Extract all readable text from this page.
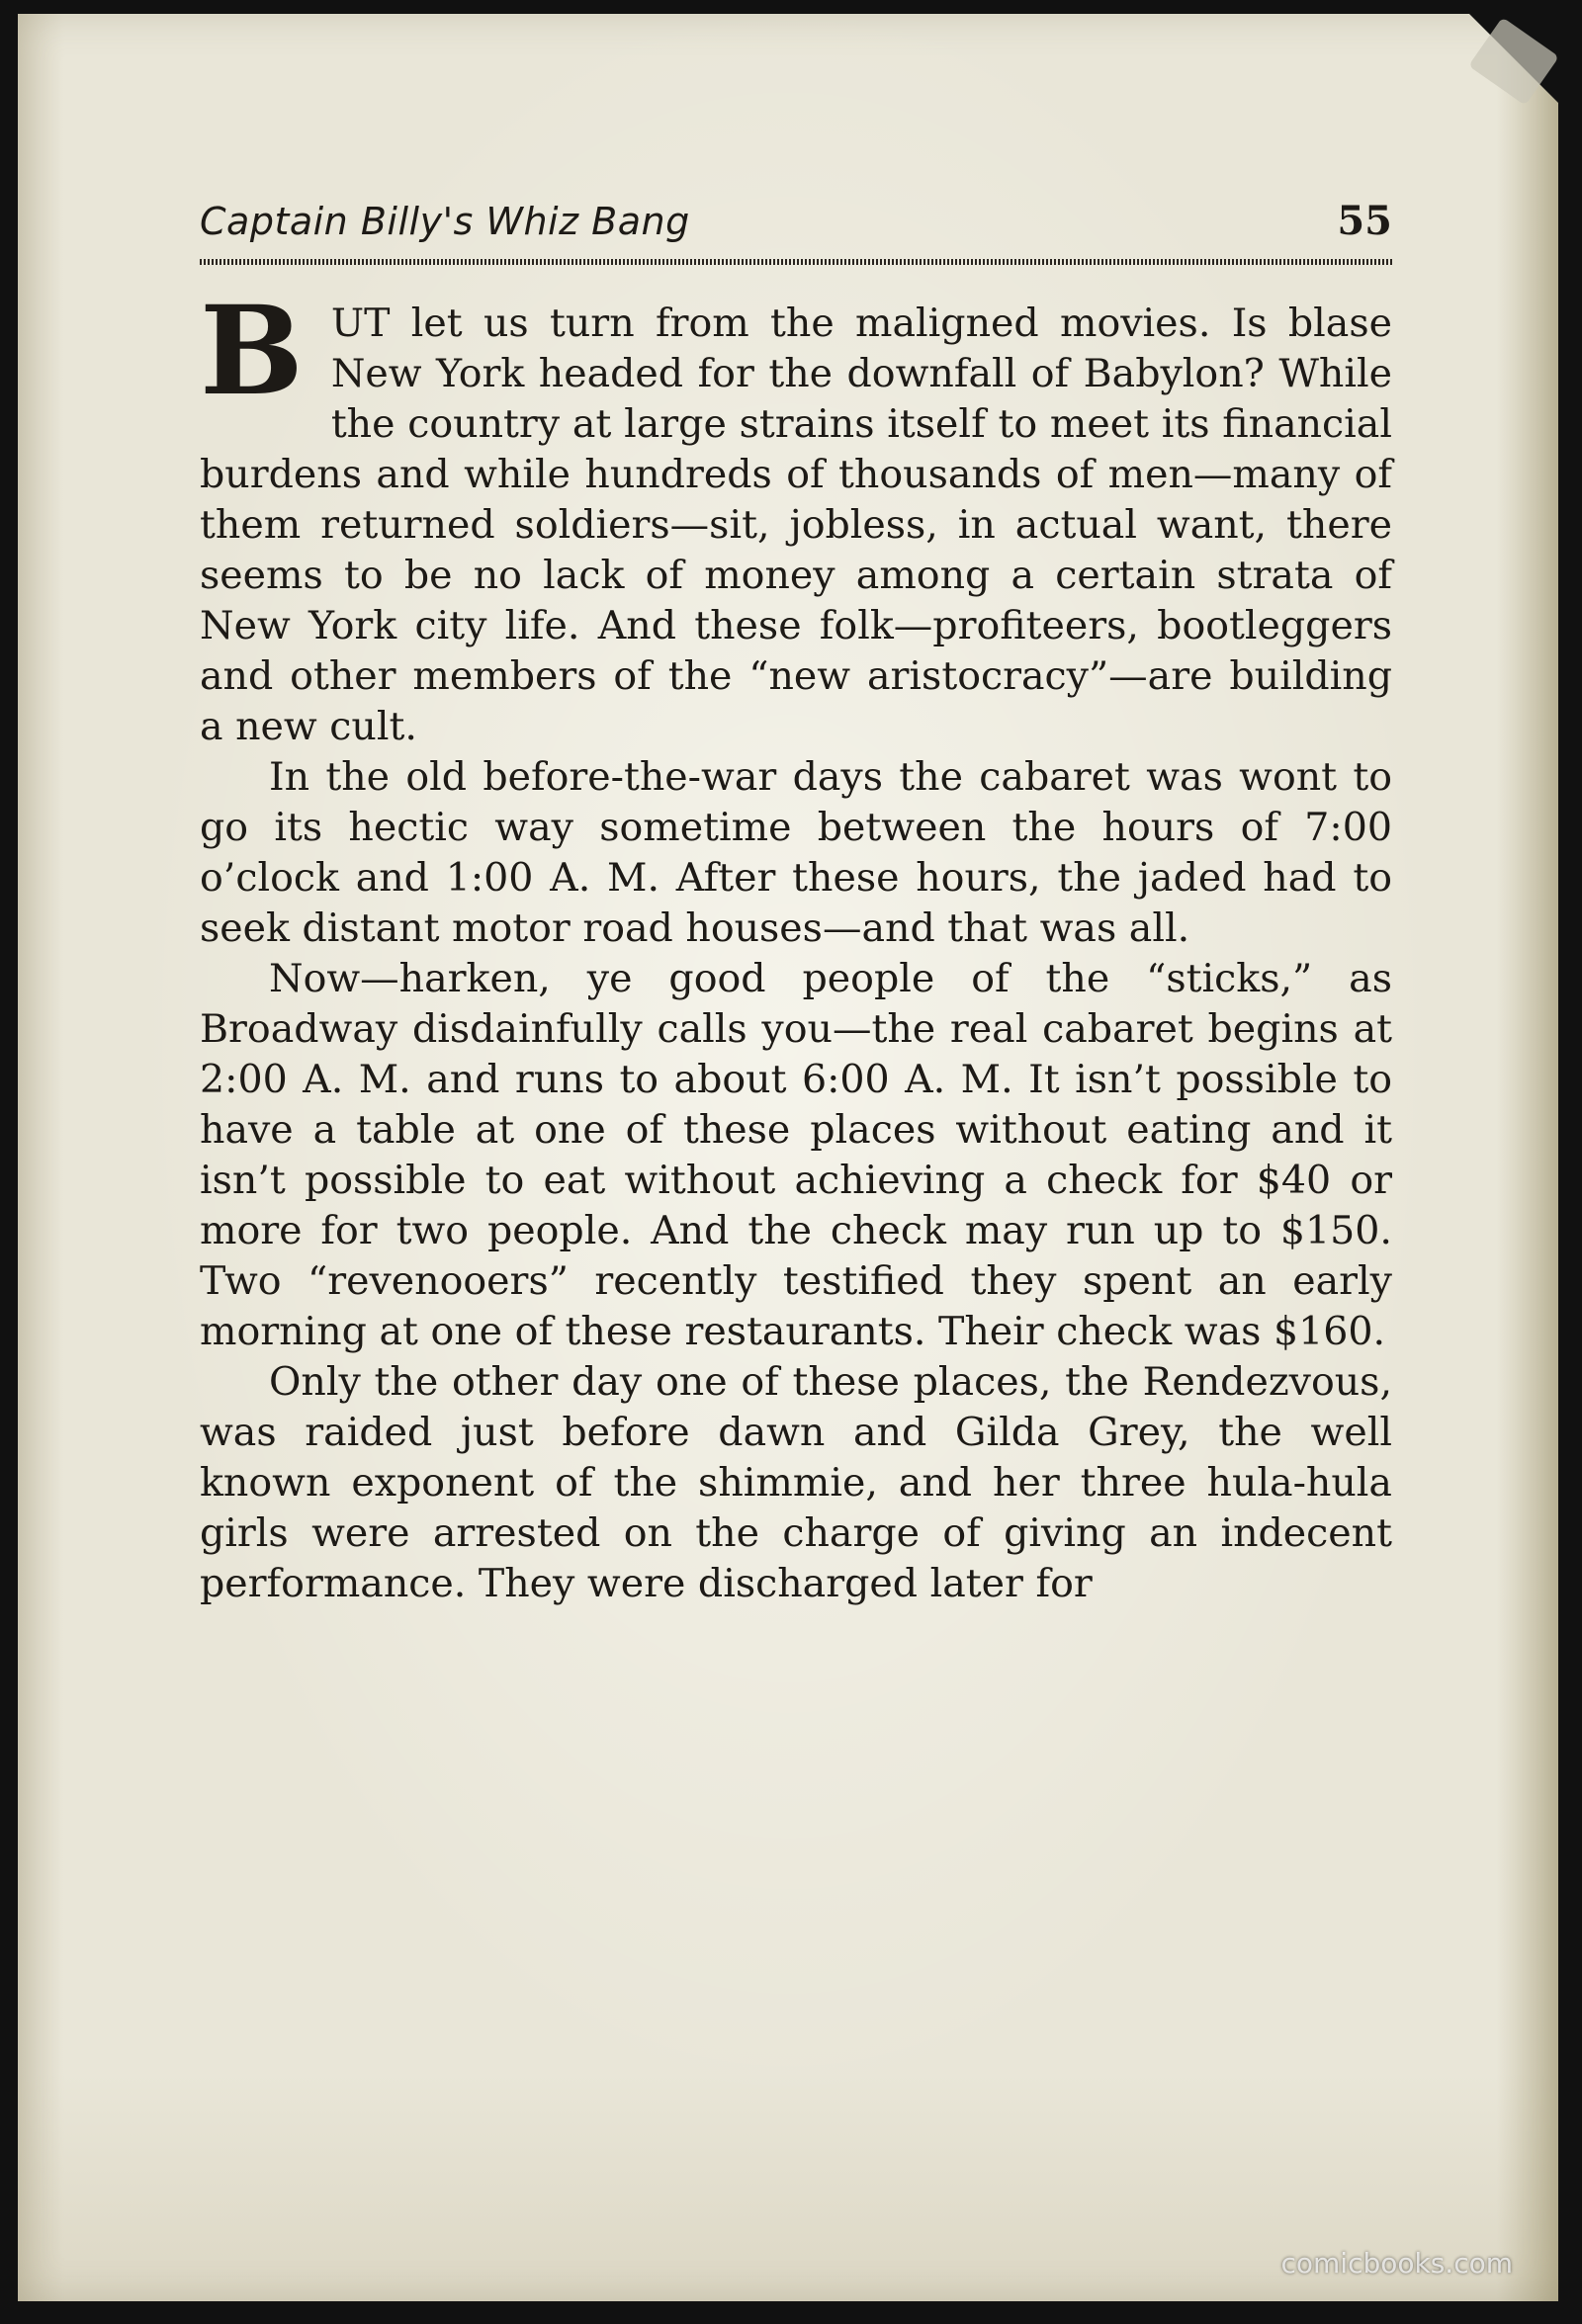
Captain Billy's Whiz Bang	55

BUT let us turn from the maligned movies. Is blase New York headed for the downfall of Babylon? While the country at large strains itself to meet its financial burdens and while hundreds of thousands of men—many of them returned soldiers—sit, jobless, in actual want, there seems to be no lack of money among a certain strata of New York city life. And these folk—profiteers, bootleggers and other members of the “new aristocracy”—are building a new cult.

In the old before-the-war days the cabaret was wont to go its hectic way sometime between the hours of 7:00 o’clock and 1:00 A. M. After these hours, the jaded had to seek distant motor road houses—and that was all.

Now—harken, ye good people of the “sticks,” as Broadway disdainfully calls you—the real cabaret begins at 2:00 A. M. and runs to about 6:00 A. M. It isn’t possible to have a table at one of these places without eating and it isn’t possible to eat without achieving a check for $40 or more for two people. And the check may run up to $150. Two “revenooers” recently testified they spent an early morning at one of these restaurants. Their check was $160.

Only the other day one of these places, the Rendezvous, was raided just before dawn and Gilda Grey, the well known exponent of the shimmie, and her three hula-hula girls were arrested on the charge of giving an indecent performance. They were discharged later for

comicbooks.com
